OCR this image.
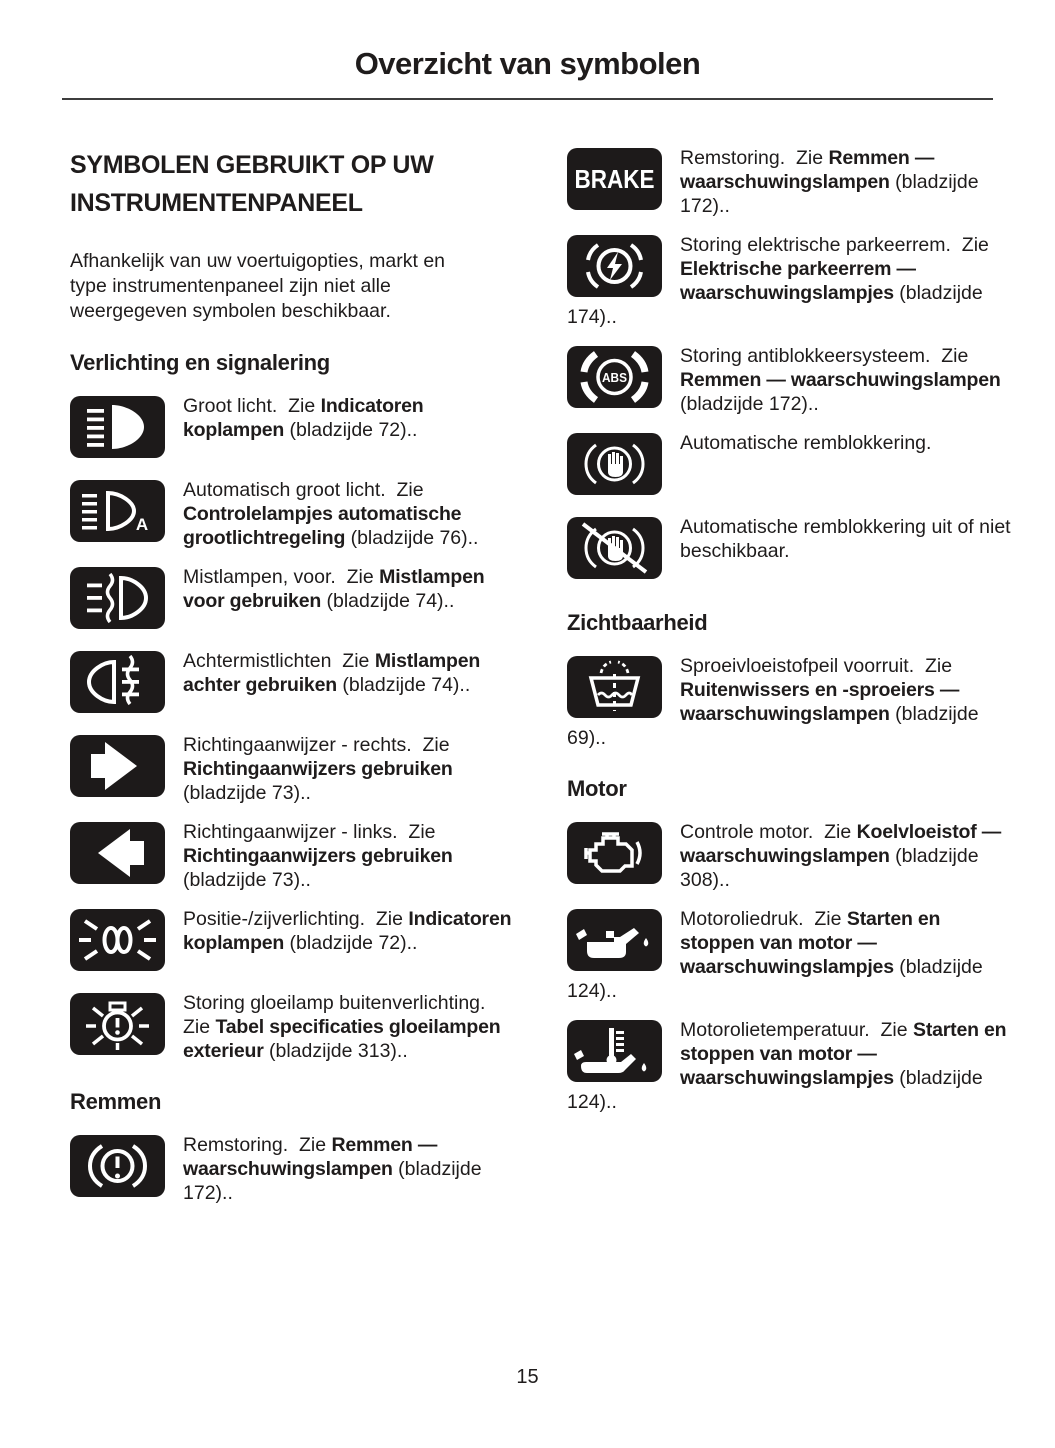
Overzicht van symbolen
SYMBOLEN GEBRUIKT OP UW INSTRUMENTENPANEEL

Afhankelijk van uw voertuigopties, markt en type instrumentenpaneel zijn niet alle weergegeven symbolen beschikbaar.

Verlichting en signalering
Groot licht.  Zie Indicatoren koplampen (bladzijde 72)..
A
Automatisch groot licht.  Zie Controlelampjes automatische grootlichtregeling (bladzijde 76)..
Mistlampen, voor.  Zie Mistlampen voor gebruiken (bladzijde 74)..
Achtermistlichten  Zie Mistlampen achter gebruiken (bladzijde 74)..
Richtingaanwijzer - rechts.  Zie Richtingaanwijzers gebruiken (bladzijde 73)..
Richtingaanwijzer - links.  Zie Richtingaanwijzers gebruiken (bladzijde 73)..
Positie-/zijverlichting.  Zie Indicatoren koplampen (bladzijde 72)..
Storing gloeilamp buitenverlichting.  Zie Tabel specificaties gloeilampen exterieur (bladzijde 313)..
Remmen
Remstoring.  Zie Remmen — waarschuwingslampen (bladzijde 172)..
BRAKE
Remstoring.  Zie Remmen — waarschuwingslampen (bladzijde 172)..
Storing elektrische parkeerrem.  Zie Elektrische parkeerrem — waarschuwingslampjes (bladzijde 174)..
ABS
Storing antiblokkeersysteem.  Zie Remmen — waarschuwingslampen (bladzijde 172)..
Automatische remblokkering.
Automatische remblokkering uit of niet beschikbaar.
Zichtbaarheid
Sproeivloeistofpeil voorruit.  Zie Ruitenwissers en -sproeiers — waarschuwingslampen (bladzijde 69)..
Motor
Controle motor.  Zie Koelvloeistof — waarschuwingslampen (bladzijde 308)..
Motoroliedruk.  Zie Starten en stoppen van motor — waarschuwingslampjes (bladzijde 124)..
Motorolietemperatuur.  Zie Starten en stoppen van motor — waarschuwingslampjes (bladzijde 124)..
15
